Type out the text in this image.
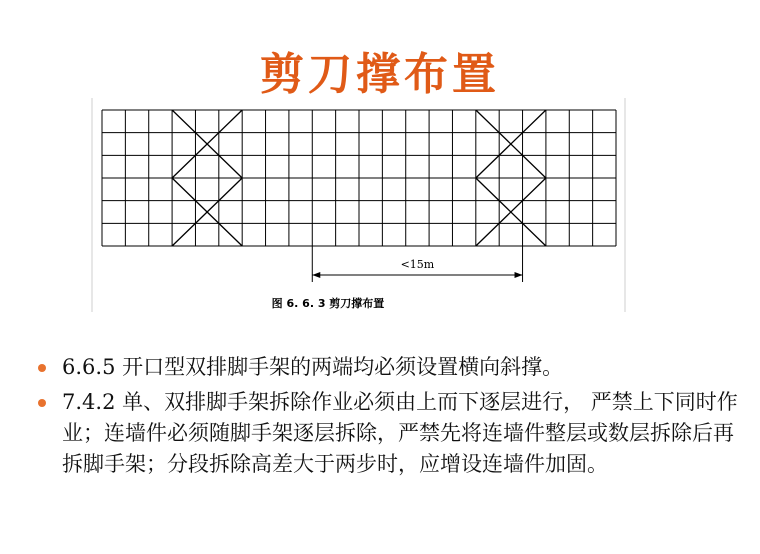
剪刀撑布置
<15m
图 6. 6. 3 剪刀撑布置
6.6.5 开口型双排脚手架的两端均必须设置横向斜撑。
7.4.2 单、双排脚手架拆除作业必须由上而下逐层进行， 严禁上下同时作业；连墙件必须随脚手架逐层拆除，严禁先将连墙件整层或数层拆除后再拆脚手架；分段拆除高差大于两步时，应增设连墙件加固。
